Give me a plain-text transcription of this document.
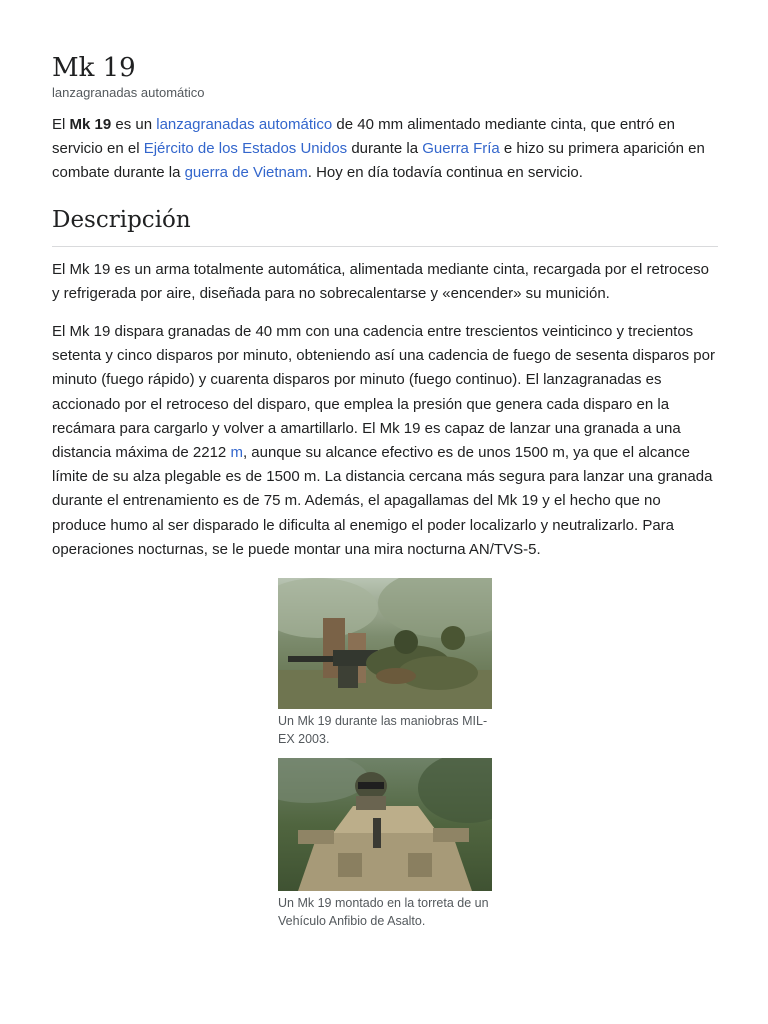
Mk 19
lanzagranadas automático

El Mk 19 es un lanzagranadas automático de 40 mm alimentado mediante cinta, que entró en servicio en el Ejército de los Estados Unidos durante la Guerra Fría e hizo su primera aparición en combate durante la guerra de Vietnam. Hoy en día todavía continua en servicio.

Descripción

El Mk 19 es un arma totalmente automática, alimentada mediante cinta, recargada por el retroceso y refrigerada por aire, diseñada para no sobrecalentarse y «encender» su munición.

El Mk 19 dispara granadas de 40 mm con una cadencia entre trescientos veinticinco y trecientos setenta y cinco disparos por minuto, obteniendo así una cadencia de fuego de sesenta disparos por minuto (fuego rápido) y cuarenta disparos por minuto (fuego continuo). El lanzagranadas es accionado por el retroceso del disparo, que emplea la presión que genera cada disparo en la recámara para cargarlo y volver a amartillarlo. El Mk 19 es capaz de lanzar una granada a una distancia máxima de 2212 m, aunque su alcance efectivo es de unos 1500 m, ya que el alcance límite de su alza plegable es de 1500 m. La distancia cercana más segura para lanzar una granada durante el entrenamiento es de 75 m. Además, el apagallamas del Mk 19 y el hecho que no produce humo al ser disparado le dificulta al enemigo el poder localizarlo y neutralizarlo. Para operaciones nocturnas, se le puede montar una mira nocturna AN/TVS-5.

Un Mk 19 durante las maniobras MIL-EX 2003.
Un Mk 19 montado en la torreta de un Vehículo Anfibio de Asalto.
